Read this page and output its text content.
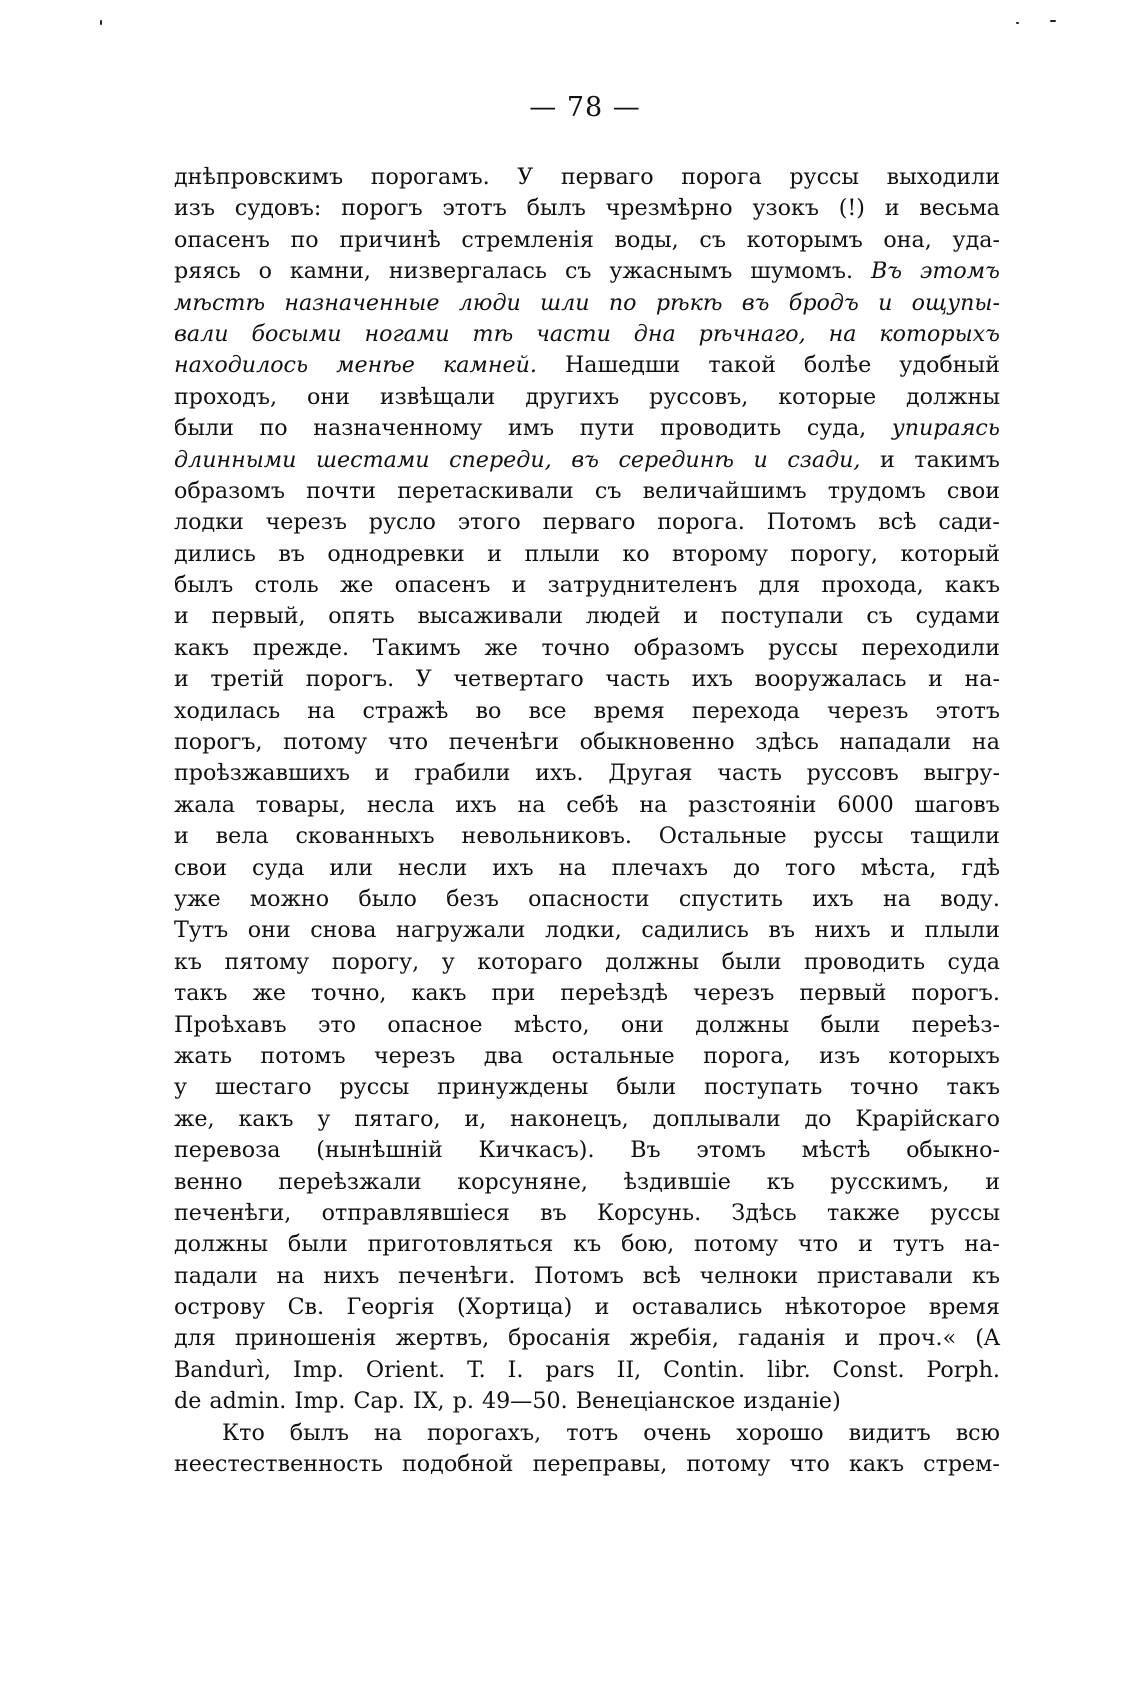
— 78 —
днѣпровскимъ порогамъ. У перваго порога руссы выходили
изъ судовъ: порогъ этотъ былъ чрезмѣрно узокъ (!) и весьма
опасенъ по причинѣ стремленія воды, съ которымъ она, уда-
ряясь о камни, низвергалась съ ужаснымъ шумомъ. Въ этомъ
мѣстѣ назначенные люди шли по рѣкѣ въ бродъ и ощупы-
вали босыми ногами тѣ части дна рѣчнаго, на которыхъ
находилось менѣе камней. Нашедши такой болѣе удобный
проходъ, они извѣщали другихъ руссовъ, которые должны
были по назначенному имъ пути проводить суда, упираясь
длинными шестами спереди, въ серединѣ и сзади, и такимъ
образомъ почти перетаскивали съ величайшимъ трудомъ свои
лодки черезъ русло этого перваго порога. Потомъ всѣ сади-
дились въ однодревки и плыли ко второму порогу, который
былъ столь же опасенъ и затруднителенъ для прохода, какъ
и первый, опять высаживали людей и поступали съ судами
какъ прежде. Такимъ же точно образомъ руссы переходили
и третій порогъ. У четвертаго часть ихъ вооружалась и на-
ходилась на стражѣ во все время перехода черезъ этотъ
порогъ, потому что печенѣги обыкновенно здѣсь нападали на
проѣзжавшихъ и грабили ихъ. Другая часть руссовъ выгру-
жала товары, несла ихъ на себѣ на разстояніи 6000 шаговъ
и вела скованныхъ невольниковъ. Остальные руссы тащили
свои суда или несли ихъ на плечахъ до того мѣста, гдѣ
уже можно было безъ опасности спустить ихъ на воду.
Тутъ они снова нагружали лодки, садились въ нихъ и плыли
къ пятому порогу, у котораго должны были проводить суда
такъ же точно, какъ при переѣздѣ черезъ первый порогъ.
Проѣхавъ это опасное мѣсто, они должны были переѣз-
жать потомъ черезъ два остальные порога, изъ которыхъ
у шестаго руссы принуждены были поступать точно такъ
же, какъ у пятаго, и, наконецъ, доплывали до Kрарійскаго
перевоза (нынѣшній Кичкасъ). Въ этомъ мѣстѣ обыкно-
венно переѣзжали корсуняне, ѣздившіе къ русскимъ, и
печенѣги, отправлявшіеся въ Корсунь. Здѣсь также руссы
должны были приготовляться къ бою, потому что и тутъ на-
падали на нихъ печенѣги. Потомъ всѣ челноки приставали къ
острову Св. Георгія (Хортица) и оставались нѣкоторое время
для приношенія жертвъ, бросанія жребія, гаданія и проч.« (A
Bandurì, Imp. Orient. T. I. pars II, Contin. libr. Const. Porph.
de admin. Imp. Cap. IX, p. 49—50. Венеціанское изданіе)
Кто былъ на порогахъ, тотъ очень хорошо видитъ всю
неестественность подобной переправы, потому что какъ стрем-
